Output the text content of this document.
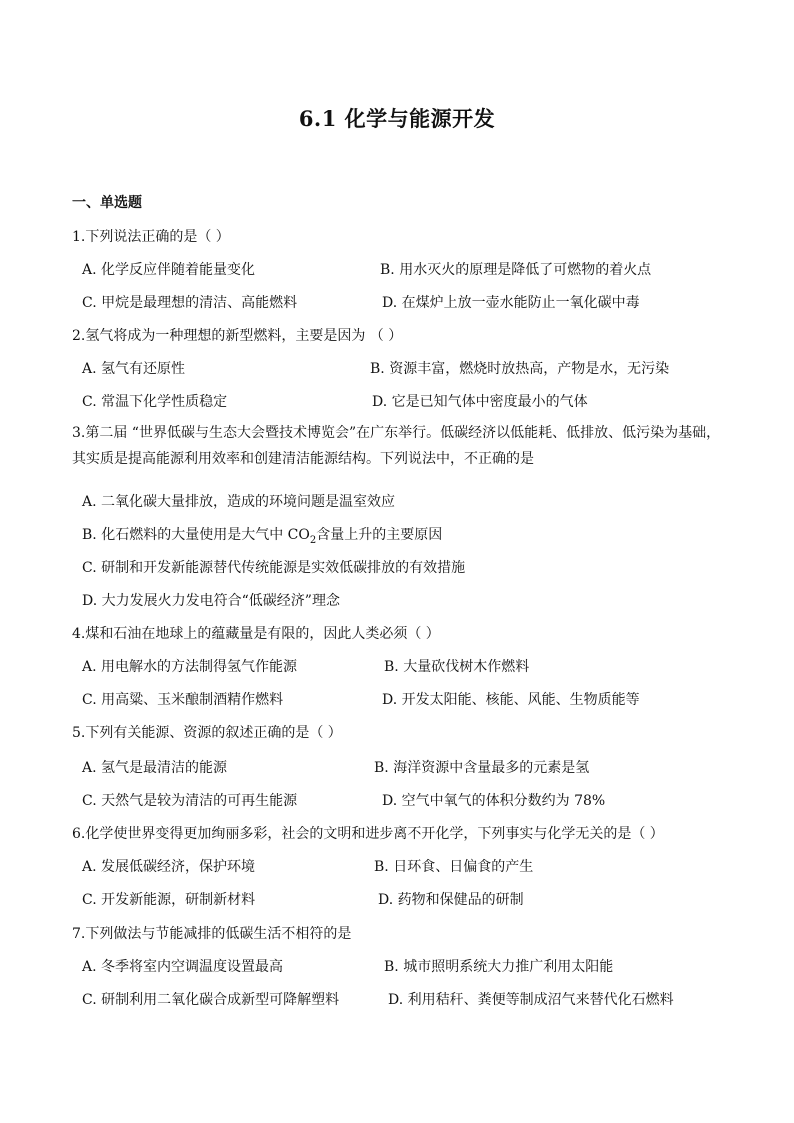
6.1 化学与能源开发
一、单选题
1.下列说法正确的是（ ）
A. 化学反应伴随着能量变化	B. 用水灭火的原理是降低了可燃物的着火点
C. 甲烷是最理想的清洁、高能燃料	D. 在煤炉上放一壶水能防止一氧化碳中毒
2.氢气将成为一种理想的新型燃料，主要是因为 （ ）
A. 氢气有还原性	B. 资源丰富，燃烧时放热高，产物是水，无污染
C. 常温下化学性质稳定	D. 它是已知气体中密度最小的气体
3.第二届 “世界低碳与生态大会暨技术博览会”在广东举行。低碳经济以低能耗、低排放、低污染为基础，其实质是提高能源利用效率和创建清洁能源结构。下列说法中，不正确的是
A. 二氧化碳大量排放，造成的环境问题是温室效应
B. 化石燃料的大量使用是大气中 $CO_2$含量上升的主要原因
C. 研制和开发新能源替代传统能源是实效低碳排放的有效措施
D. 大力发展火力发电符合“低碳经济”理念
4.煤和石油在地球上的蕴藏量是有限的，因此人类必须（ ）
A. 用电解水的方法制得氢气作能源	B. 大量砍伐树木作燃料
C. 用高粱、玉米酿制酒精作燃料	D. 开发太阳能、核能、风能、生物质能等
5.下列有关能源、资源的叙述正确的是（ ）
A. 氢气是最清洁的能源	B. 海洋资源中含量最多的元素是氢
C. 天然气是较为清洁的可再生能源	D. 空气中氧气的体积分数约为 78%
6.化学使世界变得更加绚丽多彩，社会的文明和进步离不开化学，下列事实与化学无关的是（ ）
A. 发展低碳经济，保护环境	B. 日环食、日偏食的产生
C. 开发新能源，研制新材料	D. 药物和保健品的研制
7.下列做法与节能减排的低碳生活不相符的是
A. 冬季将室内空调温度设置最高	B. 城市照明系统大力推广利用太阳能
C. 研制利用二氧化碳合成新型可降解塑料	D. 利用秸秆、粪便等制成沼气来替代化石燃料
